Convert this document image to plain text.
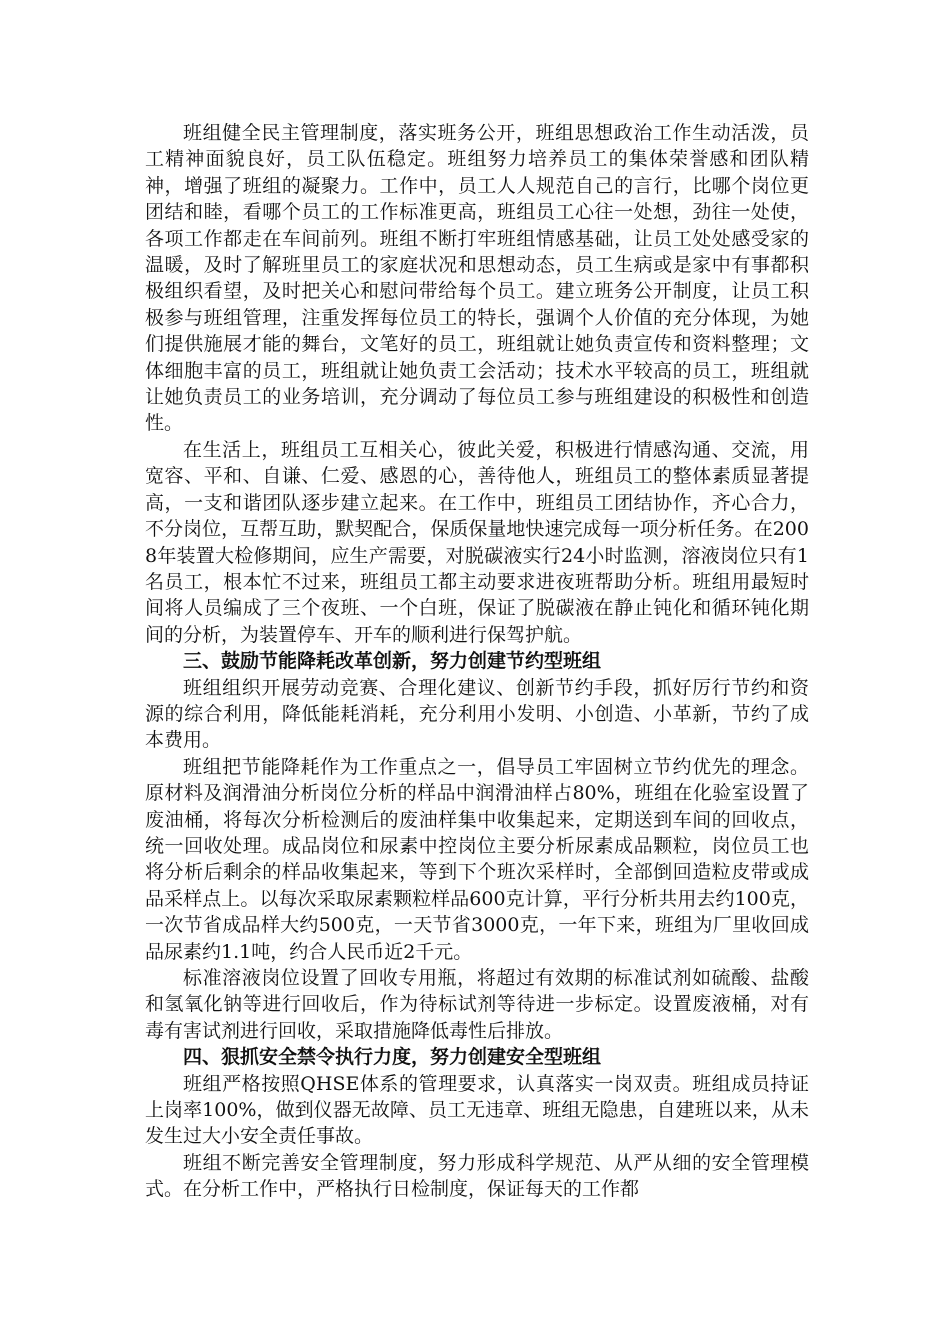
班组健全民主管理制度，落实班务公开，班组思想政治工作生动活泼，员工精神面貌良好，员工队伍稳定。班组努力培养员工的集体荣誉感和团队精神，增强了班组的凝聚力。工作中，员工人人规范自己的言行，比哪个岗位更团结和睦，看哪个员工的工作标准更高，班组员工心往一处想，劲往一处使，各项工作都走在车间前列。班组不断打牢班组情感基础，让员工处处感受家的温暖，及时了解班里员工的家庭状况和思想动态，员工生病或是家中有事都积极组织看望，及时把关心和慰问带给每个员工。建立班务公开制度，让员工积极参与班组管理，注重发挥每位员工的特长，强调个人价值的充分体现，为她们提供施展才能的舞台，文笔好的员工，班组就让她负责宣传和资料整理；文体细胞丰富的员工，班组就让她负责工会活动；技术水平较高的员工，班组就让她负责员工的业务培训，充分调动了每位员工参与班组建设的积极性和创造性。

在生活上，班组员工互相关心，彼此关爱，积极进行情感沟通、交流，用宽容、平和、自谦、仁爱、感恩的心，善待他人，班组员工的整体素质显著提高，一支和谐团队逐步建立起来。在工作中，班组员工团结协作，齐心合力，不分岗位，互帮互助，默契配合，保质保量地快速完成每一项分析任务。在2008年装置大检修期间，应生产需要，对脱碳液实行24小时监测，溶液岗位只有1名员工，根本忙不过来，班组员工都主动要求进夜班帮助分析。班组用最短时间将人员编成了三个夜班、一个白班，保证了脱碳液在静止钝化和循环钝化期间的分析，为装置停车、开车的顺利进行保驾护航。

三、鼓励节能降耗改革创新，努力创建节约型班组

班组组织开展劳动竞赛、合理化建议、创新节约手段，抓好厉行节约和资源的综合利用，降低能耗消耗，充分利用小发明、小创造、小革新，节约了成本费用。

班组把节能降耗作为工作重点之一，倡导员工牢固树立节约优先的理念。原材料及润滑油分析岗位分析的样品中润滑油样占80%，班组在化验室设置了废油桶，将每次分析检测后的废油样集中收集起来，定期送到车间的回收点，统一回收处理。成品岗位和尿素中控岗位主要分析尿素成品颗粒，岗位员工也将分析后剩余的样品收集起来，等到下个班次采样时，全部倒回造粒皮带或成品采样点上。以每次采取尿素颗粒样品600克计算，平行分析共用去约100克，一次节省成品样大约500克，一天节省3000克，一年下来，班组为厂里收回成品尿素约1.1吨，约合人民币近2千元。

标准溶液岗位设置了回收专用瓶，将超过有效期的标准试剂如硫酸、盐酸和氢氧化钠等进行回收后，作为待标试剂等待进一步标定。设置废液桶，对有毒有害试剂进行回收，采取措施降低毒性后排放。

四、狠抓安全禁令执行力度，努力创建安全型班组

班组严格按照QHSE体系的管理要求，认真落实一岗双责。班组成员持证上岗率100%，做到仪器无故障、员工无违章、班组无隐患，自建班以来，从未发生过大小安全责任事故。

班组不断完善安全管理制度，努力形成科学规范、从严从细的安全管理模式。在分析工作中，严格执行日检制度，保证每天的工作都
